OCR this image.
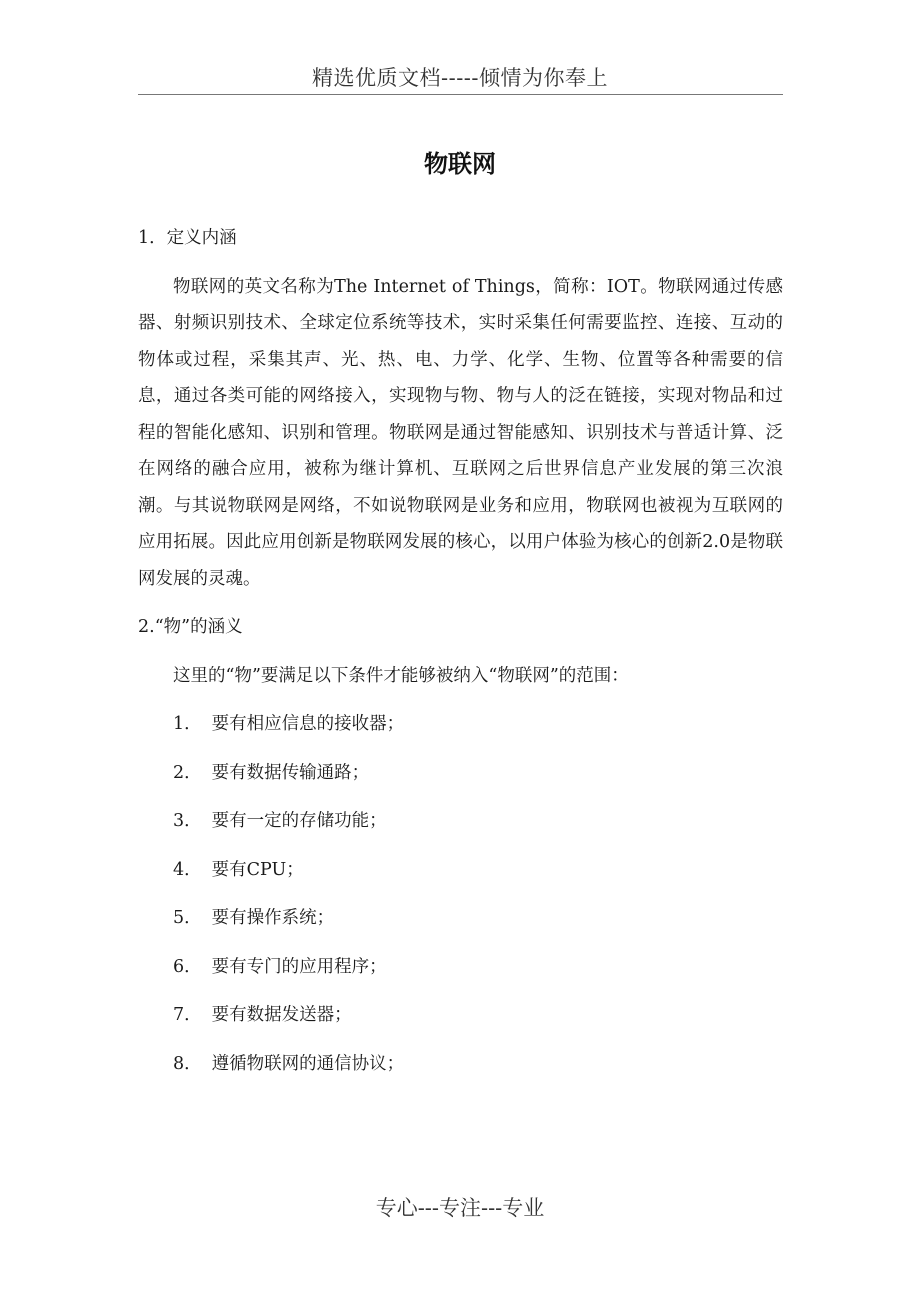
精选优质文档-----倾情为你奉上
物联网
1．定义内涵

物联网的英文名称为The Internet of Things，简称：IOT。物联网通过传感器、射频识别技术、全球定位系统等技术，实时采集任何需要监控、连接、互动的物体或过程，采集其声、光、热、电、力学、化学、生物、位置等各种需要的信息，通过各类可能的网络接入，实现物与物、物与人的泛在链接，实现对物品和过程的智能化感知、识别和管理。物联网是通过智能感知、识别技术与普适计算、泛在网络的融合应用，被称为继计算机、互联网之后世界信息产业发展的第三次浪潮。与其说物联网是网络，不如说物联网是业务和应用，物联网也被视为互联网的应用拓展。因此应用创新是物联网发展的核心，以用户体验为核心的创新2.0是物联网发展的灵魂。

2.“物”的涵义
这里的“物”要满足以下条件才能够被纳入“物联网”的范围：
1． 要有相应信息的接收器；
2． 要有数据传输通路；
3． 要有一定的存储功能；
4． 要有CPU；
5． 要有操作系统；
6． 要有专门的应用程序；
7． 要有数据发送器；
8． 遵循物联网的通信协议；
专心---专注---专业
